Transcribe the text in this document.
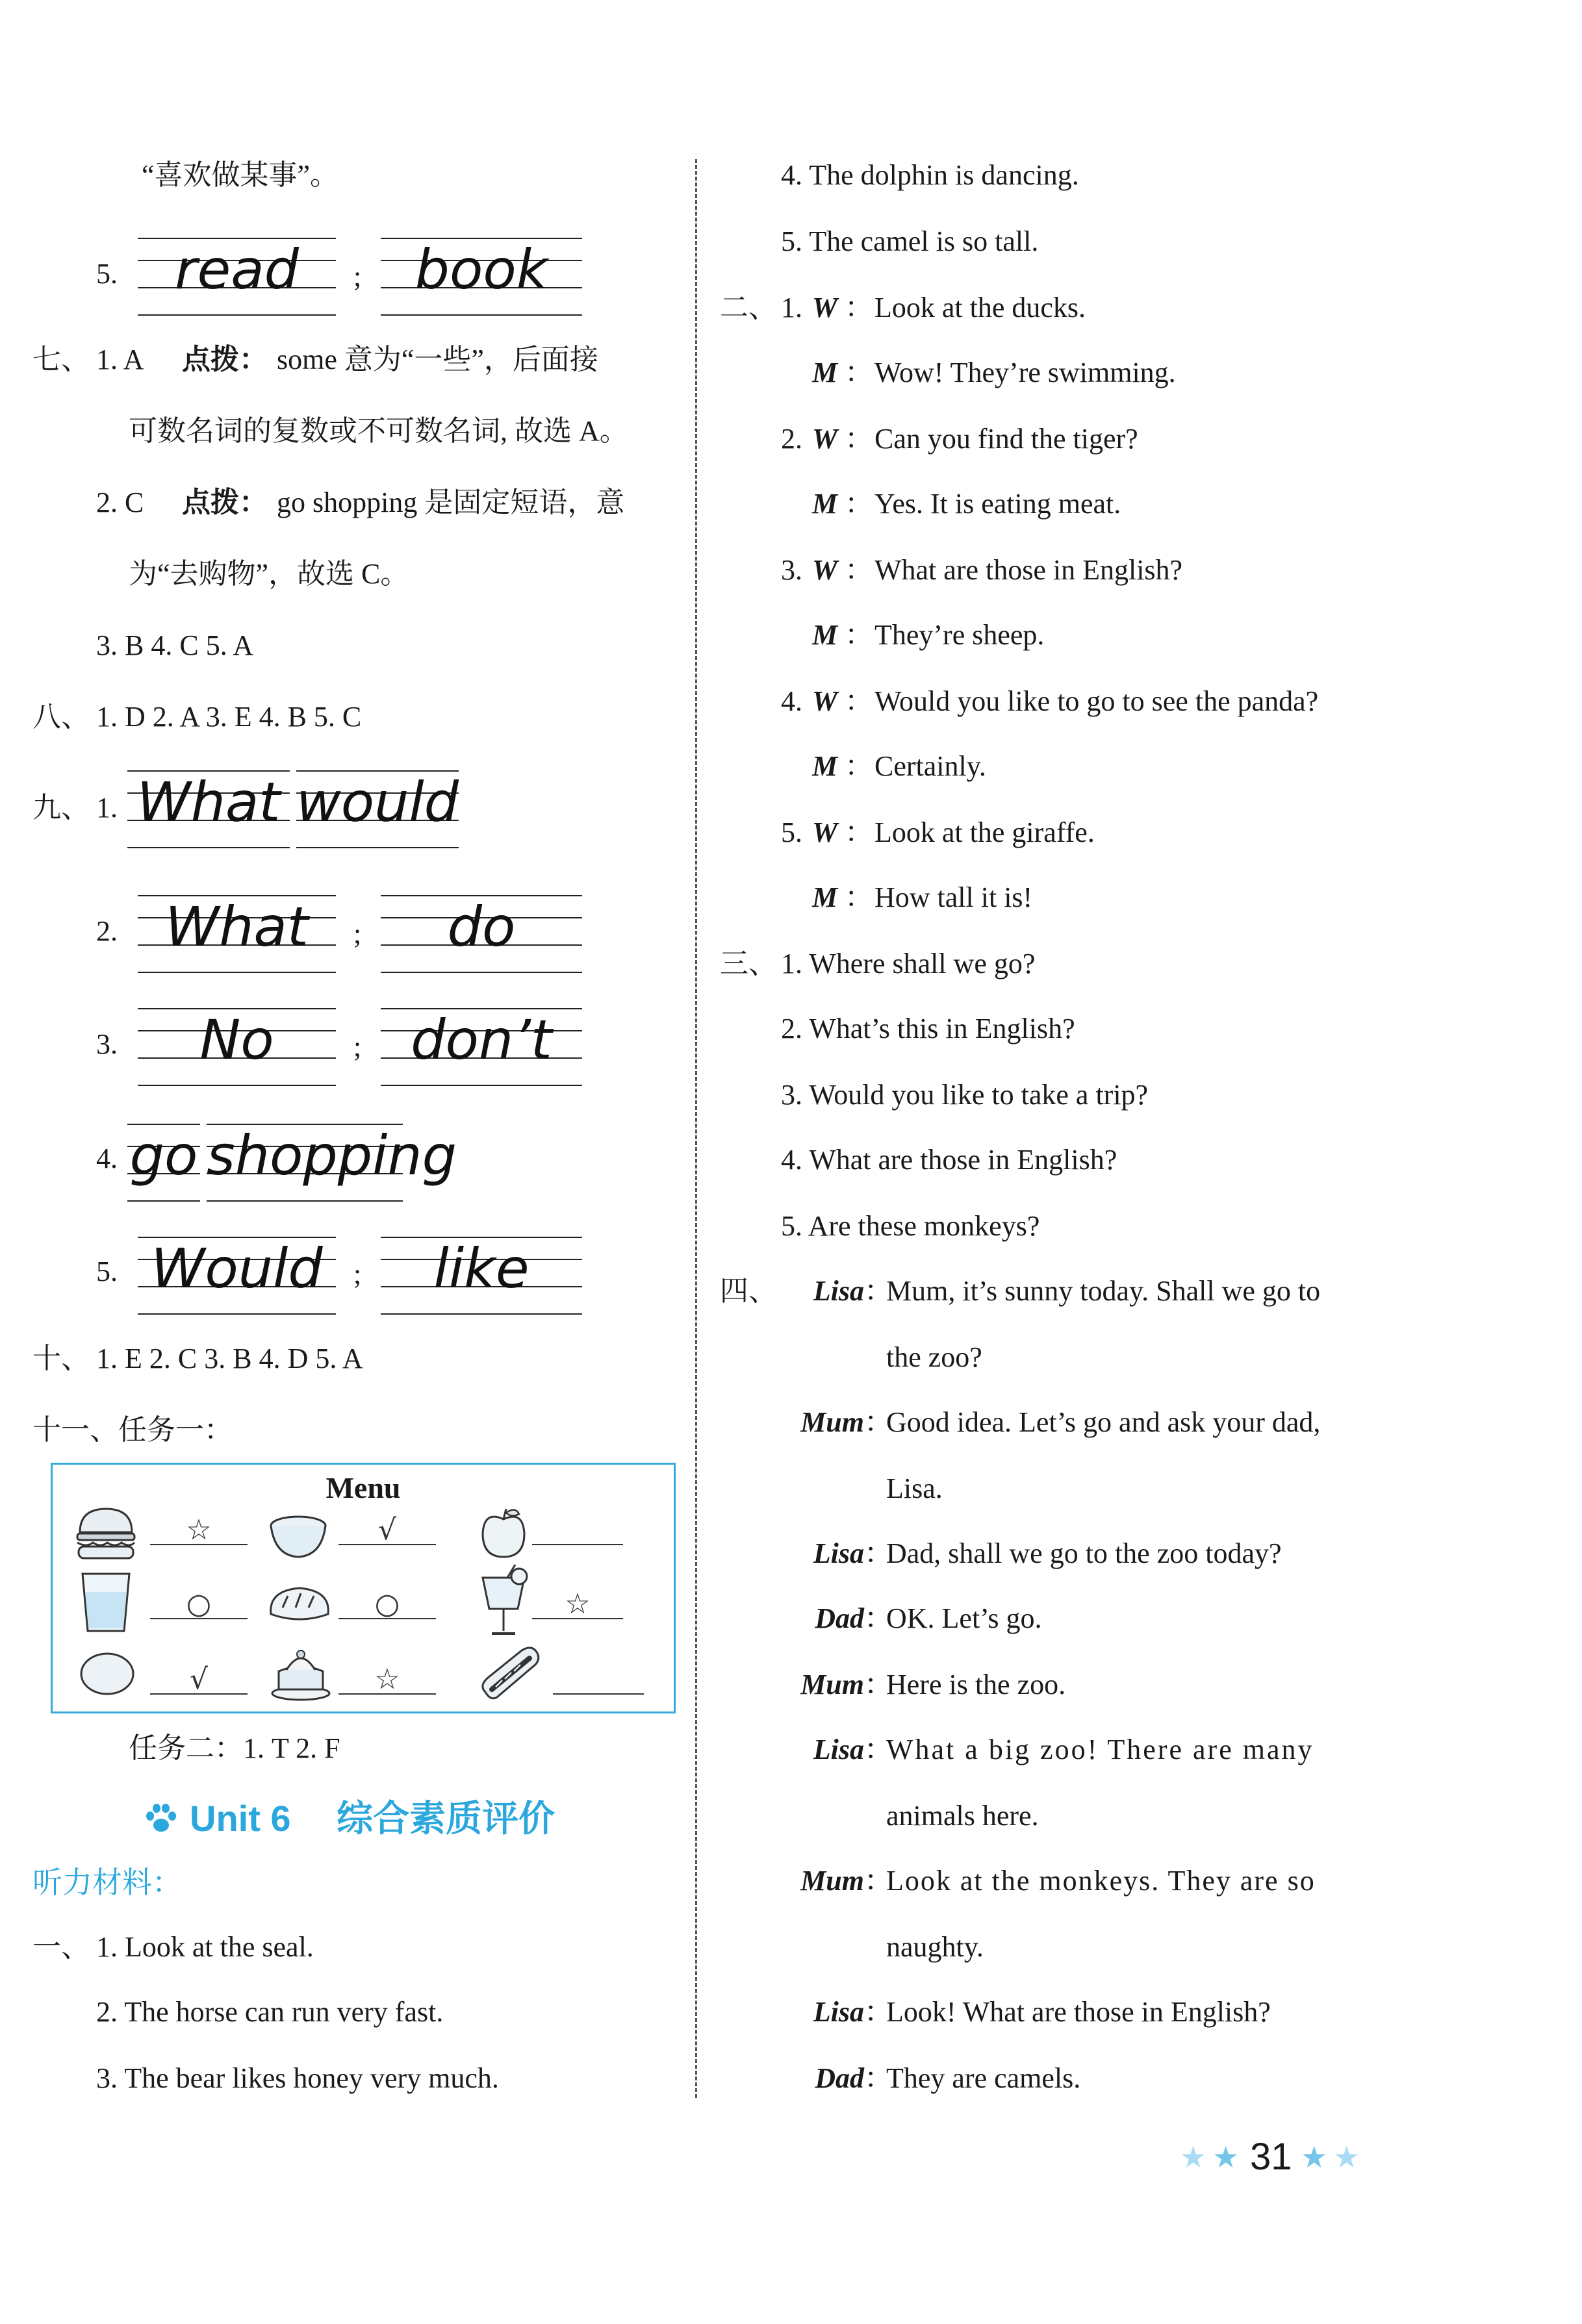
“喜欢做某事”。
5.	read	; book
七、 1. A 点拨： some 意为“一些”，后面接
可数名词的复数或不可数名词, 故选 A。
2. C 点拨： go shopping 是固定短语，意
为“去购物”，故选 C。
3. B 4. C 5. A
八、 1. D 2. A 3. E 4. B 5. C
九、 1. What would
2. What	;	do
3.	No	; don’t
4. go shopping
5. Would	;	like
十、 1. E 2. C 3. B 4. D 5. A
十一、任务一：
Menu
☆	√
○	○	☆
√	☆
任务二：1. T 2. F
Unit 6 综合素质评价
听力材料：
一、 1. Look at the seal.
2. The horse can run very fast.
3. The bear likes honey very much.
4. The dolphin is dancing.
5. The camel is so tall.
二、 1. W ： Look at the ducks.
M ： Wow! They’re swimming.
2. W ： Can you find the tiger?
M ： Yes. It is eating meat.
3. W ： What are those in English?
M ： They’re sheep.
4. W ： Would you like to go to see the panda?
M ： Certainly.
5. W ： Look at the giraffe.
M ： How tall it is!
三、 1. Where shall we go?
2. What’s this in English?
3. Would you like to take a trip?
4. What are those in English?
5. Are these monkeys?
四、	Lisa ：
Mum, it’s sunny today. Shall we go to
the zoo?
Mum ：
Good idea. Let’s go and ask your dad,
Lisa.
Lisa ：
Dad, shall we go to the zoo today?
Dad ：
OK. Let’s go.
Mum ：
Here is the zoo.
Lisa ：
What a big zoo! There are many
animals here.
Mum ：
Look at the monkeys. They are so
naughty.
Lisa ：
Look! What are those in English?
Dad ：
They are camels.
★ ★ 31 ★ ★
